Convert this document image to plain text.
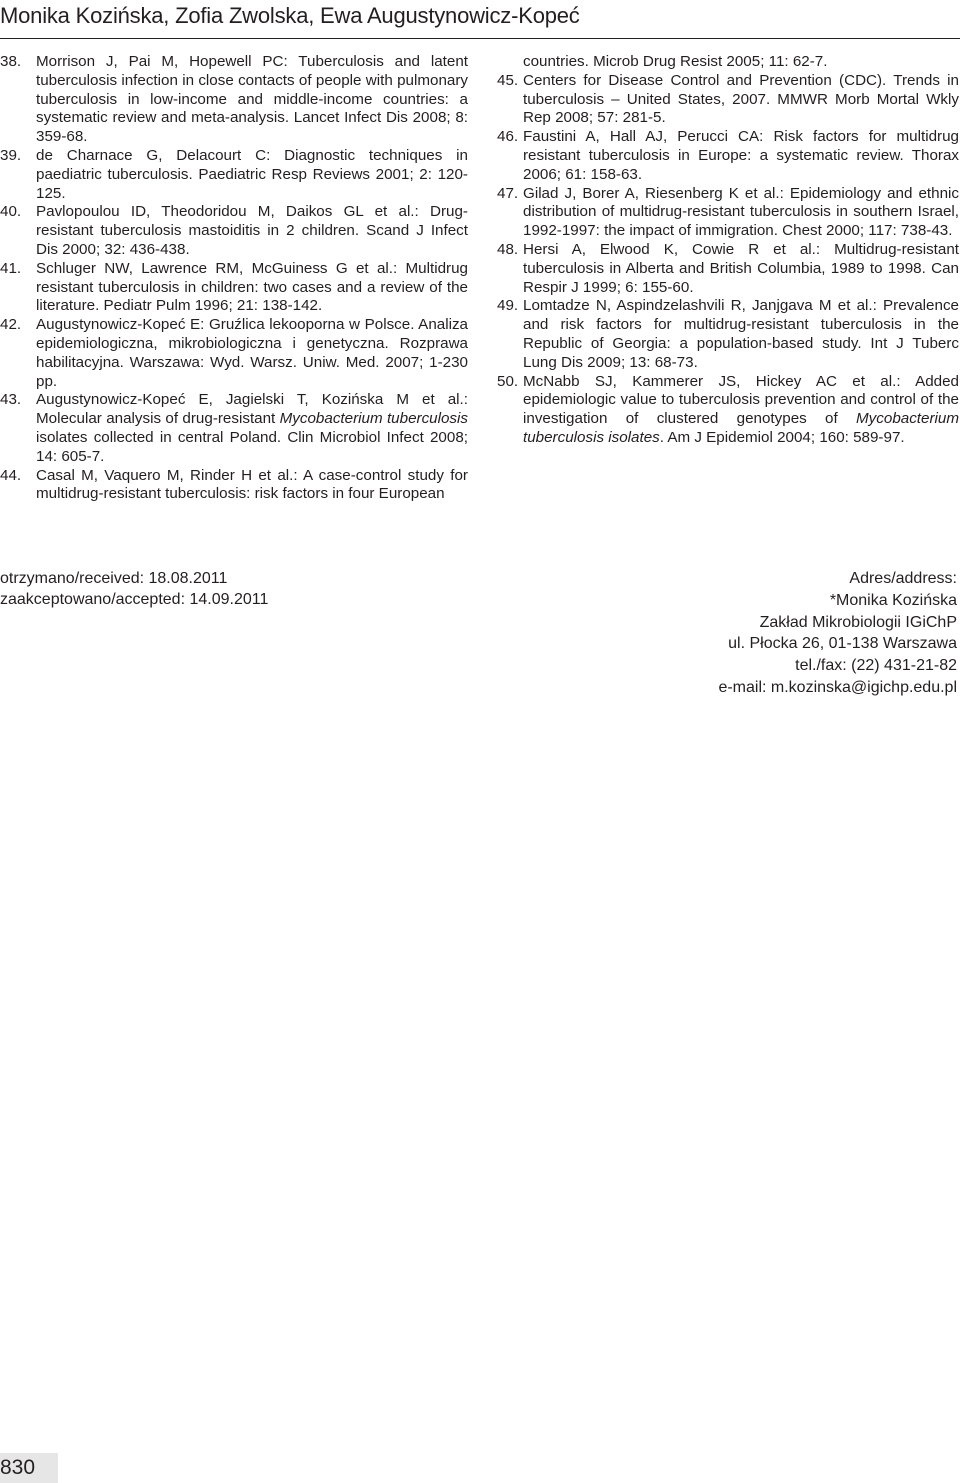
Monika Kozińska, Zofia Zwolska, Ewa Augustynowicz-Kopeć

38. Morrison J, Pai M, Hopewell PC: Tuberculosis and latent tuberculosis infection in close contacts of people with pulmonary tuberculosis in low-income and middle-income countries: a systematic review and meta-analysis. Lancet Infect Dis 2008; 8: 359-68.

39. de Charnace G, Delacourt C: Diagnostic techniques in paediatric tuberculosis. Paediatric Resp Reviews 2001; 2: 120-125.

40. Pavlopoulou ID, Theodoridou M, Daikos GL et al.: Drug-resistant tuberculosis mastoiditis in 2 children. Scand J Infect Dis 2000; 32: 436-438.

41. Schluger NW, Lawrence RM, McGuiness G et al.: Multidrug resistant tuberculosis in children: two cases and a review of the literature. Pediatr Pulm 1996; 21: 138-142.

42. Augustynowicz-Kopeć E: Gruźlica lekooporna w Polsce. Analiza epidemiologiczna, mikrobiologiczna i genetyczna. Rozprawa habilitacyjna. Warszawa: Wyd. Warsz. Uniw. Med. 2007; 1-230 pp.

43. Augustynowicz-Kopeć E, Jagielski T, Kozińska M et al.: Molecular analysis of drug-resistant Mycobacterium tuberculosis isolates collected in central Poland. Clin Microbiol Infect 2008; 14: 605-7.

44. Casal M, Vaquero M, Rinder H et al.: A case-control study for multidrug-resistant tuberculosis: risk factors in four European

countries. Microb Drug Resist 2005; 11: 62-7.

45. Centers for Disease Control and Prevention (CDC). Trends in tuberculosis – United States, 2007. MMWR Morb Mortal Wkly Rep 2008; 57: 281-5.

46. Faustini A, Hall AJ, Perucci CA: Risk factors for multidrug resistant tuberculosis in Europe: a systematic review. Thorax 2006; 61: 158-63.

47. Gilad J, Borer A, Riesenberg K et al.: Epidemiology and ethnic distribution of multidrug-resistant tuberculosis in southern Israel, 1992-1997: the impact of immigration. Chest 2000; 117: 738-43.

48. Hersi A, Elwood K, Cowie R et al.: Multidrug-resistant tuberculosis in Alberta and British Columbia, 1989 to 1998. Can Respir J 1999; 6: 155-60.

49. Lomtadze N, Aspindzelashvili R, Janjgava M et al.: Prevalence and risk factors for multidrug-resistant tuberculosis in the Republic of Georgia: a population-based study. Int J Tuberc Lung Dis 2009; 13: 68-73.

50. McNabb SJ, Kammerer JS, Hickey AC et al.: Added epidemiologic value to tuberculosis prevention and control of the investigation of clustered genotypes of Mycobacterium tuberculosis isolates. Am J Epidemiol 2004; 160: 589-97.

otrzymano/received: 18.08.2011
zaakceptowano/accepted: 14.09.2011
Adres/address:
*Monika Kozińska
Zakład Mikrobiologii IGiChP
ul. Płocka 26, 01-138 Warszawa
tel./fax: (22) 431-21-82
e-mail: m.kozinska@igichp.edu.pl
830
